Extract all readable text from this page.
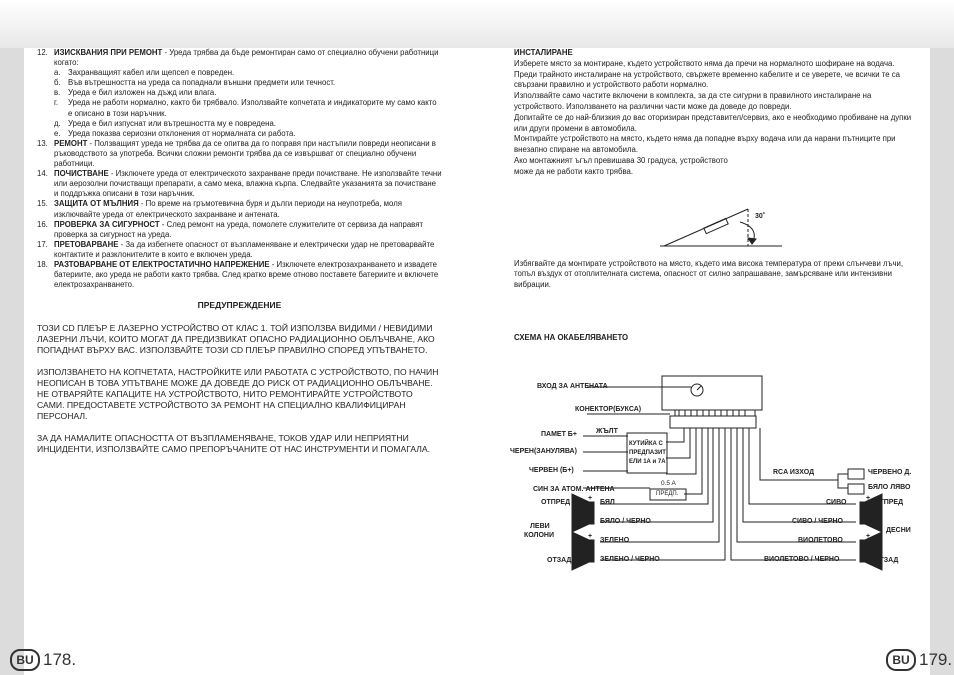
12. ИЗИСКВАНИЯ ПРИ РЕМОНТ - Уреда трябва да бъде ремонтиран само от специално обучени работници когато:
а. Захранващият кабел или щепсел е повреден.
б. Във вътрешността на уреда са попаднали външни предмети или течност.
в. Уреда е бил изложен на дъжд или влага.
г.	Уреда не работи нормално, както би трябвало. Използвайте копчетата и индикаторите му само както е описано в този наръчник.
д. Уреда е бил изпуснат или вътрешността му е повредена.
е. Уреда показва сериозни отклонения от нормалната си работа.
13. РЕМОНТ - Ползващият уреда не трябва да се опитва да го поправя при настъпили повреди неописани в ръководството за употреба. Всички сложни ремонти трябва да се извършват от специално обучени работници.
14. ПОЧИСТВАНЕ - Изключете уреда от електрическото захранване преди почистване. Не използвайте течни или аерозолни почистващи препарати, а само мека, влажна кърпа. Следвайте указанията за почистване и поддръжка описани в този наръчник.
15. ЗАЩИТА ОТ МЪЛНИЯ - По време на гръмотевична буря и дълги периоди на неупотреба, моля изключвайте уреда от електрическото захранване и антената.
16. ПРОВЕРКА ЗА СИГУРНОСТ - След ремонт на уреда, помолете служителите от сервиза да направят проверка за сигурност на уреда.
17. ПРЕТОВАРВАНЕ - За да избегнете опасност от възпламеняване и електрически удар не претоварвайте контактите и разклонителите в които е включен уреда.
18. РАЗТОВАРВАНЕ ОТ ЕЛЕКТРОСТАТИЧНО НАПРЕЖЕНИЕ - Изключете електрозахранването и извадете батериите, ако уреда не работи както трябва. След кратко време отново поставете батериите и включете електрозахранването.
ПРЕДУПРЕЖДЕНИЕ

ТОЗИ CD ПЛЕЪР Е ЛАЗЕРНО УСТРОЙСТВО ОТ КЛАС 1. ТОЙ ИЗПОЛЗВА ВИДИМИ / НЕВИДИМИ ЛАЗЕРНИ ЛЪЧИ, КОИТО МОГАТ ДА ПРЕДИЗВИКАТ ОПАСНО РАДИАЦИОННО ОБЛЪЧВАНЕ, АКО ПОПАДНАТ ВЪРХУ ВАС. ИЗПОЛЗВАЙТЕ ТОЗИ CD ПЛЕЪР ПРАВИЛНО СПОРЕД УПЪТВАНЕТО.

ИЗПОЛЗВАНЕТО НА КОПЧЕТАТА, НАСТРОЙКИТЕ ИЛИ РАБОТАТА С УСТРОЙСТВОТО, ПО НАЧИН НЕОПИСАН В ТОВА УПЪТВАНЕ МОЖЕ ДА ДОВЕДЕ ДО РИСК ОТ РАДИАЦИОННО ОБЛЪЧВАНЕ. НЕ ОТВАРЯЙТЕ КАПАЦИТЕ НА УСТРОЙСТВОТО, НИТО РЕМОНТИРАЙТЕ УСТРОЙСТВОТО САМИ. ПРЕДОСТАВЕТЕ УСТРОЙСТВОТО ЗА РЕМОНТ НА СПЕЦИАЛНО КВАЛИФИЦИРАН ПЕРСОНАЛ.

ЗА ДА НАМАЛИТЕ ОПАСНОСТТА ОТ ВЪЗПЛАМЕНЯВАНЕ, ТОКОВ УДАР ИЛИ НЕПРИЯТНИ ИНЦИДЕНТИ, ИЗПОЛЗВАЙТЕ САМО ПРЕПОРЪЧАНИТЕ ОТ НАС ИНСТРУМЕНТИ И ПОМАГАЛА.

BU 178.

ИНСТАЛИРАНЕ

Изберете място за монтиране, където устройството няма да пречи на нормалното шофиране на водача.

Преди трайното инсталиране на устройството, свържете временно кабелите и се уверете, че всички те са свързани правилно и устройството работи нормално.

Използвайте само частите включени в комплекта, за да сте сигурни в правилното инсталиране на устройството. Използването на различни части може да доведе до повреди.

Допитайте се до най-близкия до вас оторизиран представител/сервиз, ако е необходимо пробиване на дупки или други промени в автомобила.

Монтирайте устройството на място, където няма да попадне върху водача или да нарани пътниците при внезапно спиране на автомобила.

Ако монтажният ъгъл превишава 30 градуса, устройството

може да не работи както трябва.

Избягвайте да монтирате устройството на място, където има висока температура от преки слънчеви лъчи, топъл въздух от отоплителната система, опасност от силно запрашаване, замърсяване или интензивни вибрации.

СХЕМА НА ОКАБЕЛЯВАНЕТО
BU 179.
30˚
ВХОД ЗА АНТЕНАТА
КОНЕКТОР(БУКСА)
ПАМЕТ Б+	ЖЪЛТ
ЧЕРЕН(ЗАНУЛЯВА)
ЧЕРВЕН (Б+)
КУТИЙКА С
ПРЕДПАЗИТ
ЕЛИ 1А и 7А
СИН ЗА АТОМ. АНТЕНА
0.5 A
ПРЕДП.
RCA ИЗХОД	ЧЕРВЕНО Д.
БЯЛО ЛЯВО
ОТПРЕД
ОТЗАД
ЛЕВИ
КОЛОНИ
ОТПРЕД
ОТЗАД
ДЕСНИ
+
–
+
–
+
–
+
–
БЯЛ
БЯЛО / ЧЕРНО
ЗЕЛЕНО
ЗЕЛЕНО / ЧЕРНО
СИВО
СИВО / ЧЕРНО
ВИОЛЕТОВО
ВИОЛЕТОВО / ЧЕРНО
